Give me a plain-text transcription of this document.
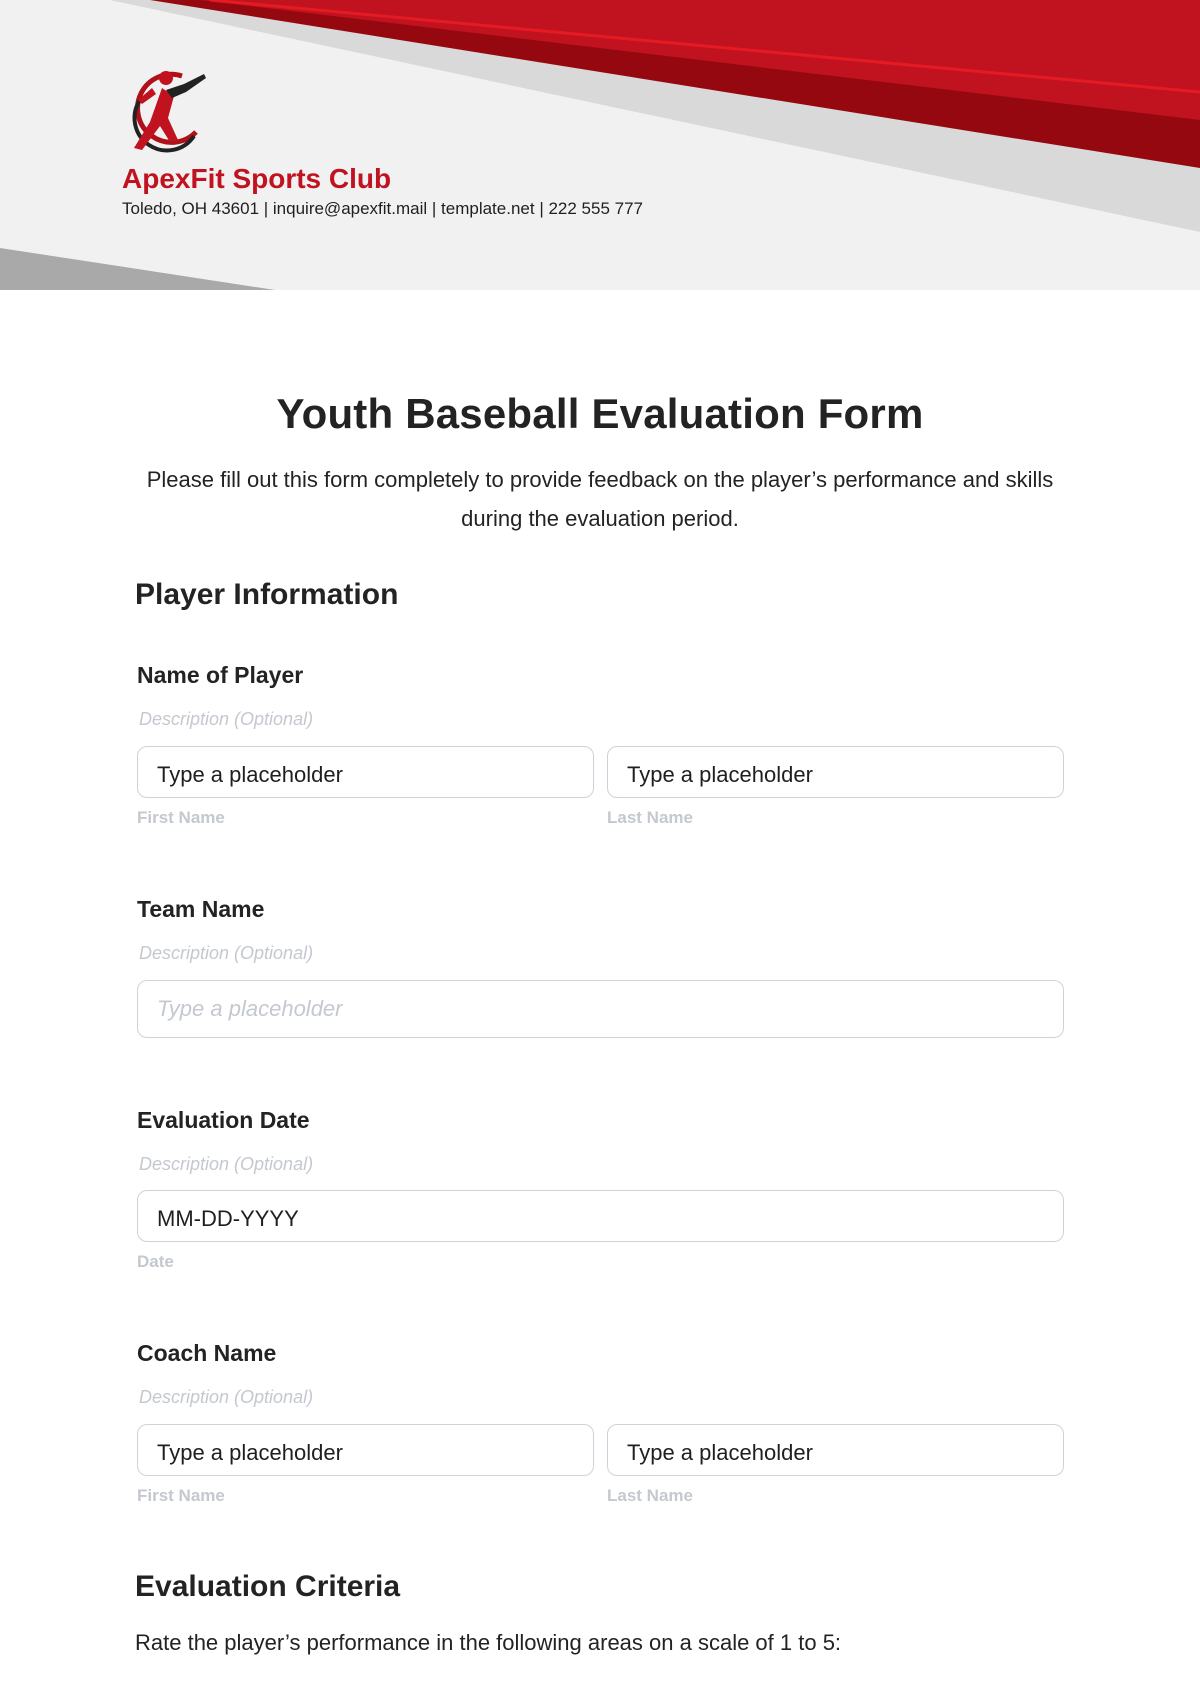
ApexFit Sports Club
Toledo, OH 43601 | inquire@apexfit.mail | template.net | 222 555 777
Youth Baseball Evaluation Form
Please fill out this form completely to provide feedback on the player’s performance and skills during the evaluation period.
Player Information
Name of Player
Description (Optional)
Type a placeholder	Type a placeholder
First Name	Last Name
Team Name
Description (Optional)
Type a placeholder
Evaluation Date
Description (Optional)
MM-DD-YYYY
Date
Coach Name
Description (Optional)
Type a placeholder	Type a placeholder
First Name	Last Name
Evaluation Criteria
Rate the player’s performance in the following areas on a scale of 1 to 5:
